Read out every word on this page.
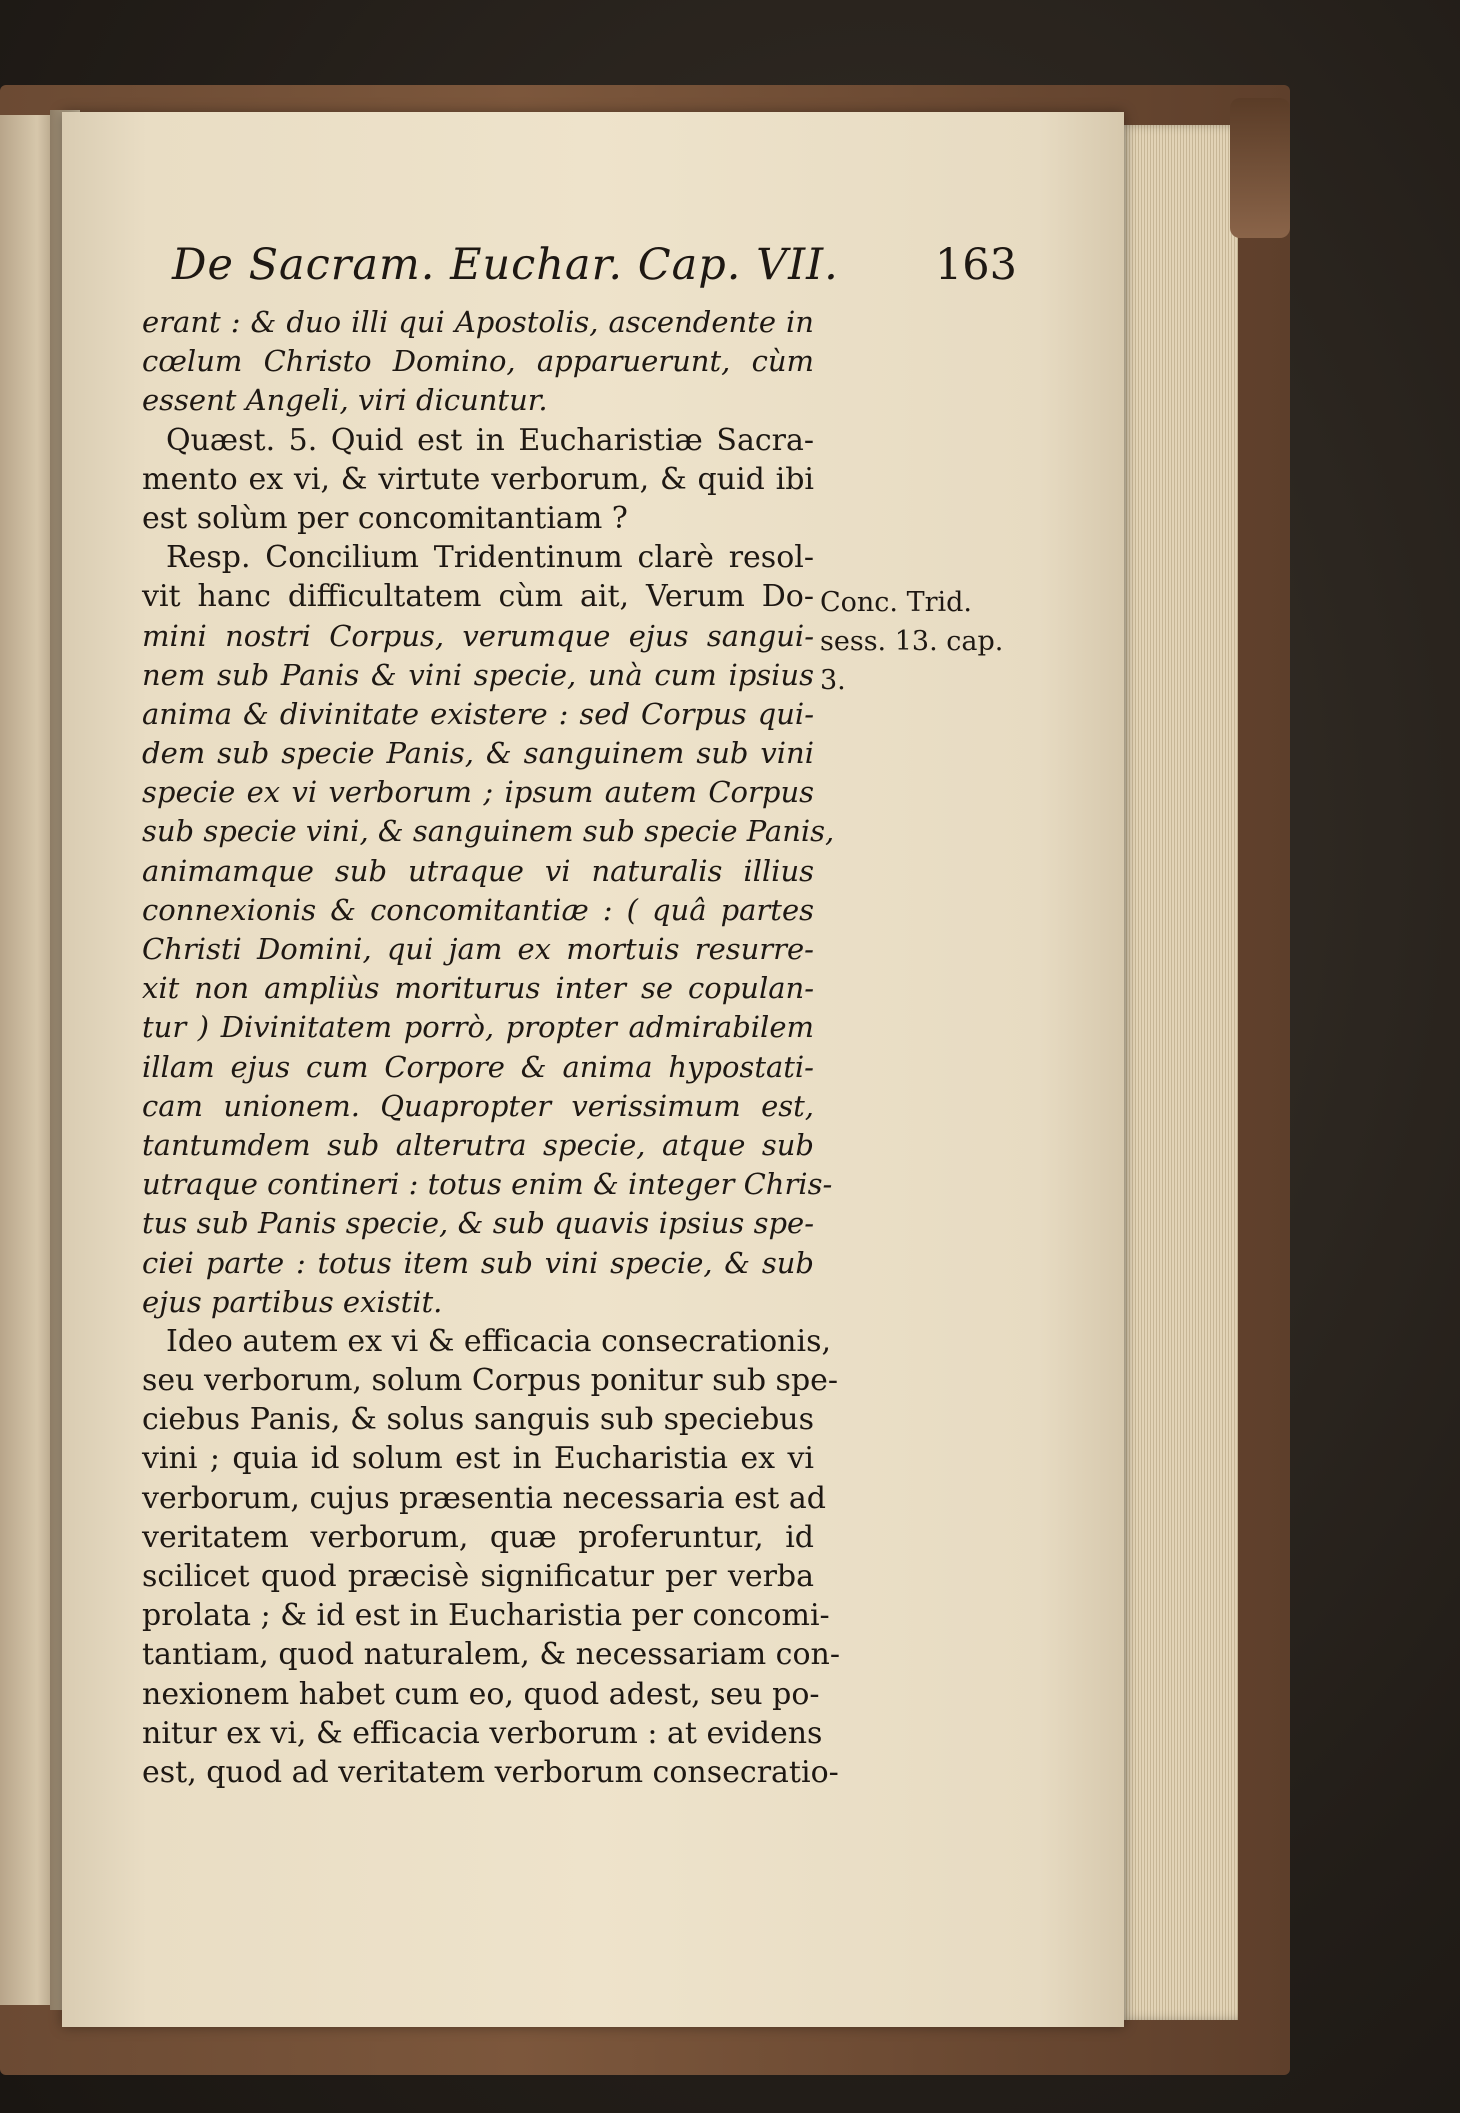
De Sacram. Euchar. Cap. VII. 163
erant : & duo illi qui Apostolis, ascendente in
cœlum Christo Domino, apparuerunt, cùm
essent Angeli, viri dicuntur.
Quæst. 5. Quid est in Eucharistiæ Sacra-
mento ex vi, & virtute verborum, & quid ibi
est solùm per concomitantiam ?
Resp. Concilium Tridentinum clarè resol-
vit hanc difficultatem cùm ait, Verum Do-
mini nostri Corpus, verumque ejus sangui-
nem sub Panis & vini specie, unà cum ipsius
anima & divinitate existere : sed Corpus qui-
dem sub specie Panis, & sanguinem sub vini
specie ex vi verborum ; ipsum autem Corpus
sub specie vini, & sanguinem sub specie Panis,
animamque sub utraque vi naturalis illius
connexionis & concomitantiæ : ( quâ partes
Christi Domini, qui jam ex mortuis resurre-
xit non ampliùs moriturus inter se copulan-
tur ) Divinitatem porrò, propter admirabilem
illam ejus cum Corpore & anima hypostati-
cam unionem. Quapropter verissimum est,
tantumdem sub alterutra specie, atque sub
utraque contineri : totus enim & integer Chris-
tus sub Panis specie, & sub quavis ipsius spe-
ciei parte : totus item sub vini specie, & sub
ejus partibus existit.
Ideo autem ex vi & efficacia consecrationis,
seu verborum, solum Corpus ponitur sub spe-
ciebus Panis, & solus sanguis sub speciebus
vini ; quia id solum est in Eucharistia ex vi
verborum, cujus præsentia necessaria est ad
veritatem verborum, quæ proferuntur, id
scilicet quod præcisè significatur per verba
prolata ; & id est in Eucharistia per concomi-
tantiam, quod naturalem, & necessariam con-
nexionem habet cum eo, quod adest, seu po-
nitur ex vi, & efficacia verborum : at evidens
est, quod ad veritatem verborum consecratio-
Conc. Trid.
sess. 13. cap.
3.
